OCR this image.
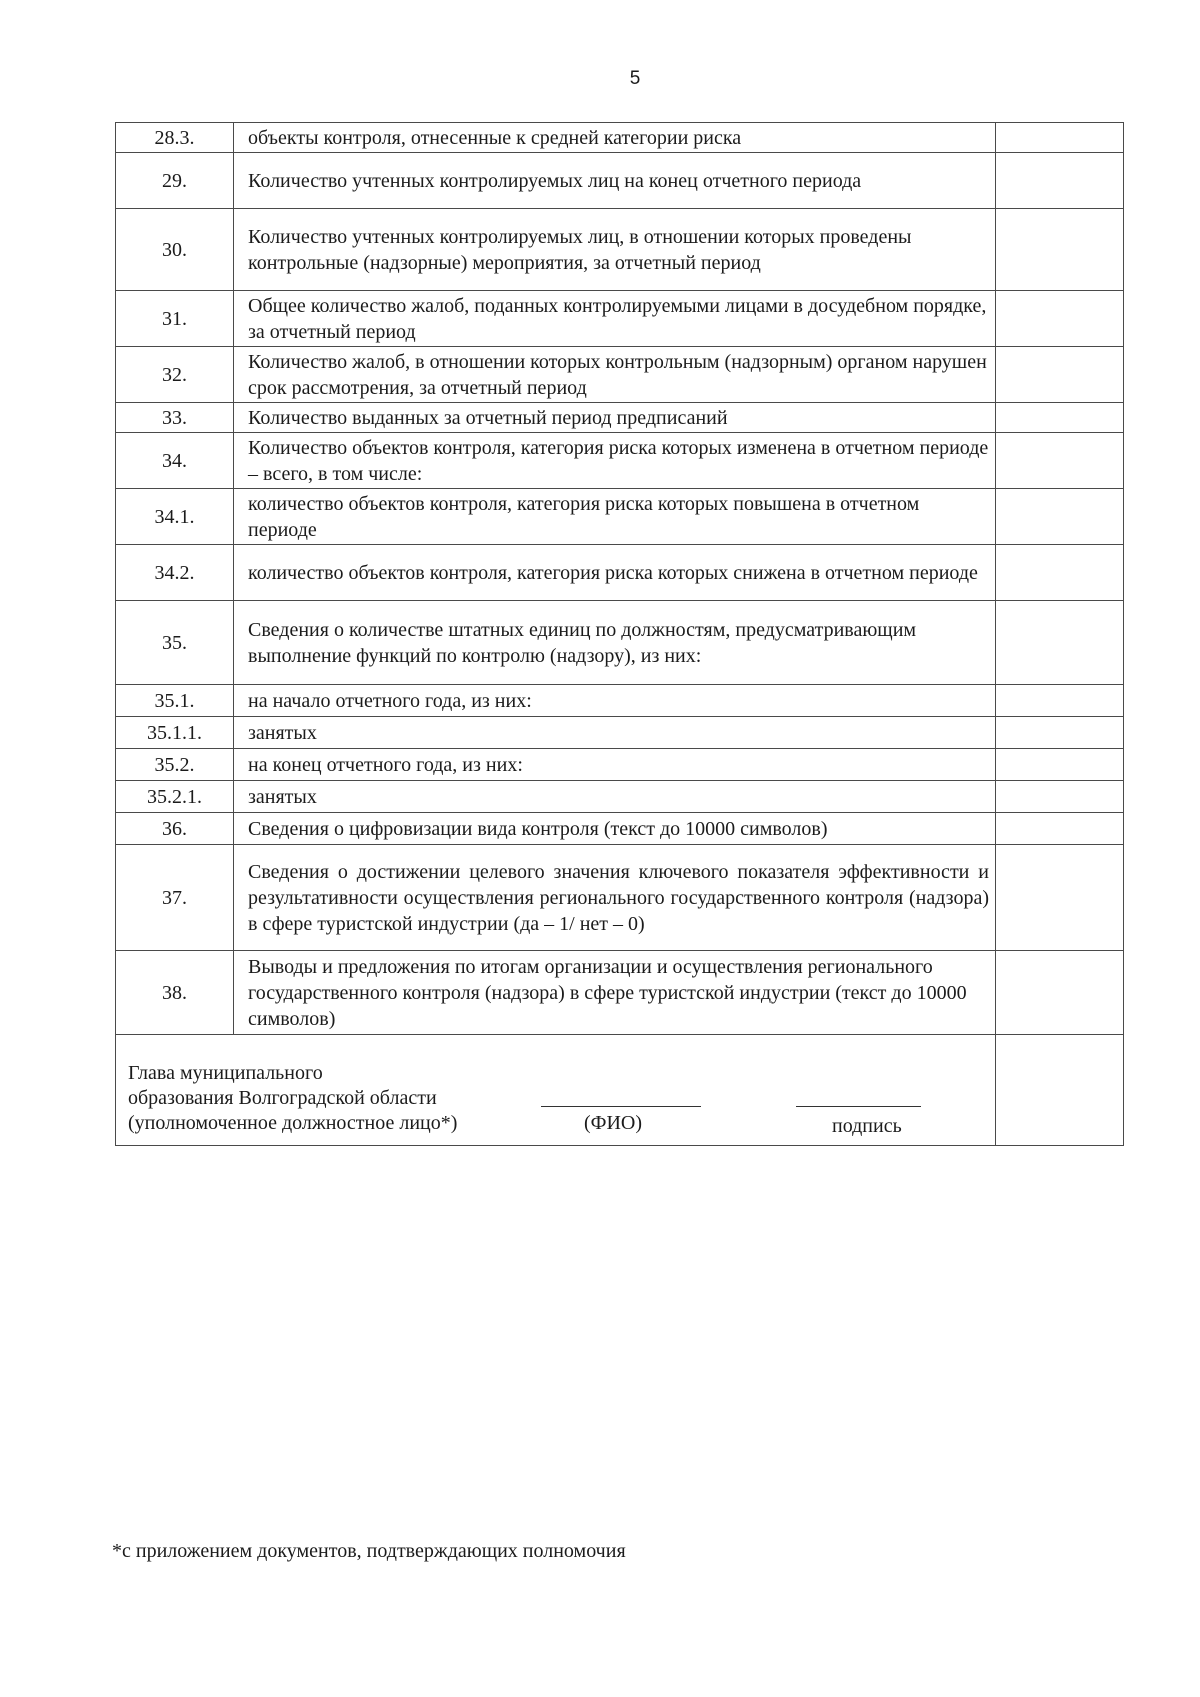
5
28.3.	объекты контроля, отнесенные к средней категории риска	
29.	Количество учтенных контролируемых лиц на конец отчетного периода	
30.	Количество учтенных контролируемых лиц, в отношении которых проведены контрольные (надзорные) мероприятия, за отчетный период	
31.	Общее количество жалоб, поданных контролируемыми лицами в досудебном порядке, за отчетный период	
32.	Количество жалоб, в отношении которых контрольным (надзорным) органом нарушен срок рассмотрения, за отчетный период	
33.	Количество выданных за отчетный период предписаний	
34.	Количество объектов контроля, категория риска которых изменена в отчетном периоде – всего, в том числе:	
34.1.	количество объектов контроля, категория риска которых повышена в отчетном периоде	
34.2.	количество объектов контроля, категория риска которых снижена в отчетном периоде	
35.	Сведения о количестве штатных единиц по должностям, предусматривающим выполнение функций по контролю (надзору), из них:	
35.1.	на начало отчетного года, из них:	
35.1.1.	занятых	
35.2.	на конец отчетного года, из них:	
35.2.1.	занятых	
36.	Сведения о цифровизации вида контроля (текст до 10000 символов)	
37.	Сведения о достижении целевого значения ключевого показателя эффективности и результативности осуществления регионального государственного контроля (надзора) в сфере туристской индустрии (да – 1/ нет – 0)	
38.	Выводы и предложения по итогам организации и осуществления регионального государственного контроля (надзора) в сфере туристской индустрии (текст до 10000 символов)	

Глава муниципального
образования Волгоградской области
(уполномоченное должностное лицо*) (ФИО) подпись		

*с приложением документов, подтверждающих полномочия
